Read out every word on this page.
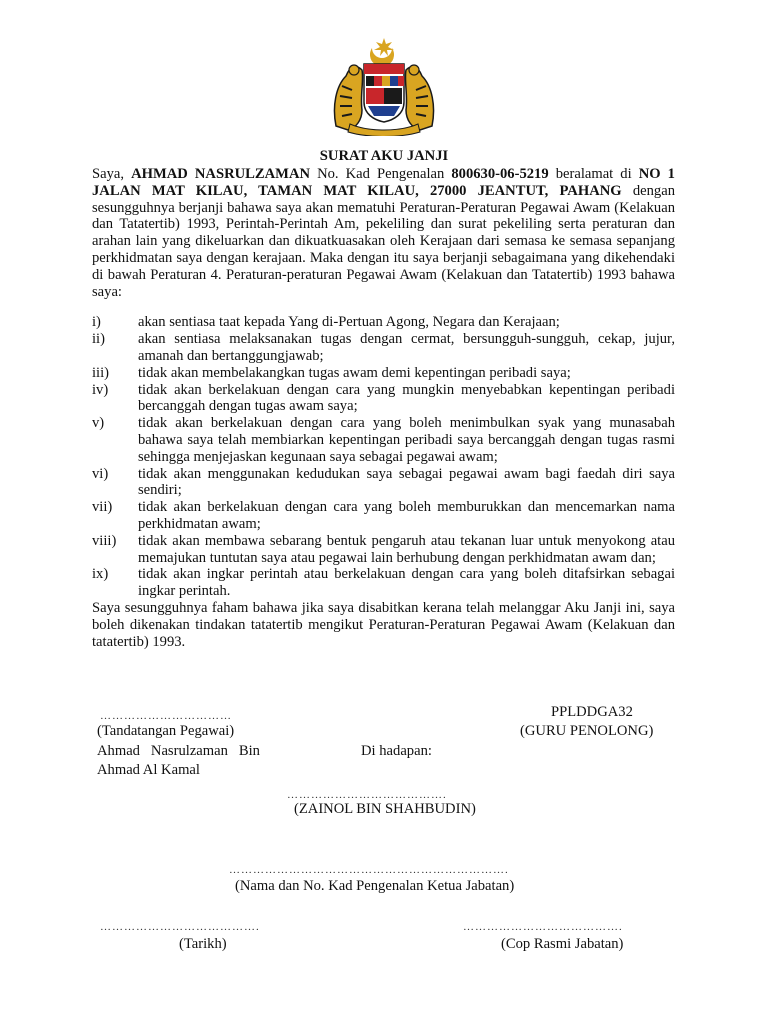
SURAT AKU JANJI

Saya, AHMAD NASRULZAMAN No. Kad Pengenalan 800630-06-5219 beralamat di NO 1 JALAN MAT KILAU, TAMAN MAT KILAU, 27000 JEANTUT, PAHANG dengan sesungguhnya berjanji bahawa saya akan mematuhi Peraturan-Peraturan Pegawai Awam (Kelakuan dan Tatatertib) 1993, Perintah-Perintah Am, pekeliling dan surat pekeliling serta peraturan dan arahan lain yang dikeluarkan dan dikuatkuasakan oleh Kerajaan dari semasa ke semasa sepanjang perkhidmatan saya dengan kerajaan. Maka dengan itu saya berjanji sebagaimana yang dikehendaki di bawah Peraturan 4. Peraturan-peraturan Pegawai Awam (Kelakuan dan Tatatertib) 1993 bahawa saya:

i)	akan sentiasa taat kepada Yang di-Pertuan Agong, Negara dan Kerajaan;
ii)	akan sentiasa melaksanakan tugas dengan cermat, bersungguh-sungguh, cekap, jujur, amanah dan bertanggungjawab;
iii)	tidak akan membelakangkan tugas awam demi kepentingan peribadi saya;
iv)	tidak akan berkelakuan dengan cara yang mungkin menyebabkan kepentingan peribadi bercanggah dengan tugas awam saya;
v)	tidak akan berkelakuan dengan cara yang boleh menimbulkan syak yang munasabah bahawa saya telah membiarkan kepentingan peribadi saya bercanggah dengan tugas rasmi sehingga menjejaskan kegunaan saya sebagai pegawai awam;
vi)	tidak akan menggunakan kedudukan saya sebagai pegawai awam bagi faedah diri saya sendiri;
vii)	tidak akan berkelakuan dengan cara yang boleh memburukkan dan mencemarkan nama perkhidmatan awam;
viii)	tidak akan membawa sebarang bentuk pengaruh atau tekanan luar untuk menyokong atau memajukan tuntutan saya atau pegawai lain berhubung dengan perkhidmatan awam dan;
ix)	tidak akan ingkar perintah atau berkelakuan dengan cara yang boleh ditafsirkan sebagai ingkar perintah.

Saya sesungguhnya faham bahawa jika saya disabitkan kerana telah melanggar Aku Janji ini, saya boleh dikenakan tindakan tatatertib mengikut Peraturan-Peraturan Pegawai Awam (Kelakuan dan tatatertib) 1993.

……………………………	PPLDDGA32
(Tandatangan Pegawai)	(GURU PENOLONG)
Ahmad   Nasrulzaman   Bin	Di hadapan:
Ahmad Al Kamal
………………………………….
(ZAINOL BIN SHAHBUDIN)
…………………………………………………………….
(Nama dan No. Kad Pengenalan Ketua Jabatan)
………………………………….	………………………………….
(Tarikh)	(Cop Rasmi Jabatan)
